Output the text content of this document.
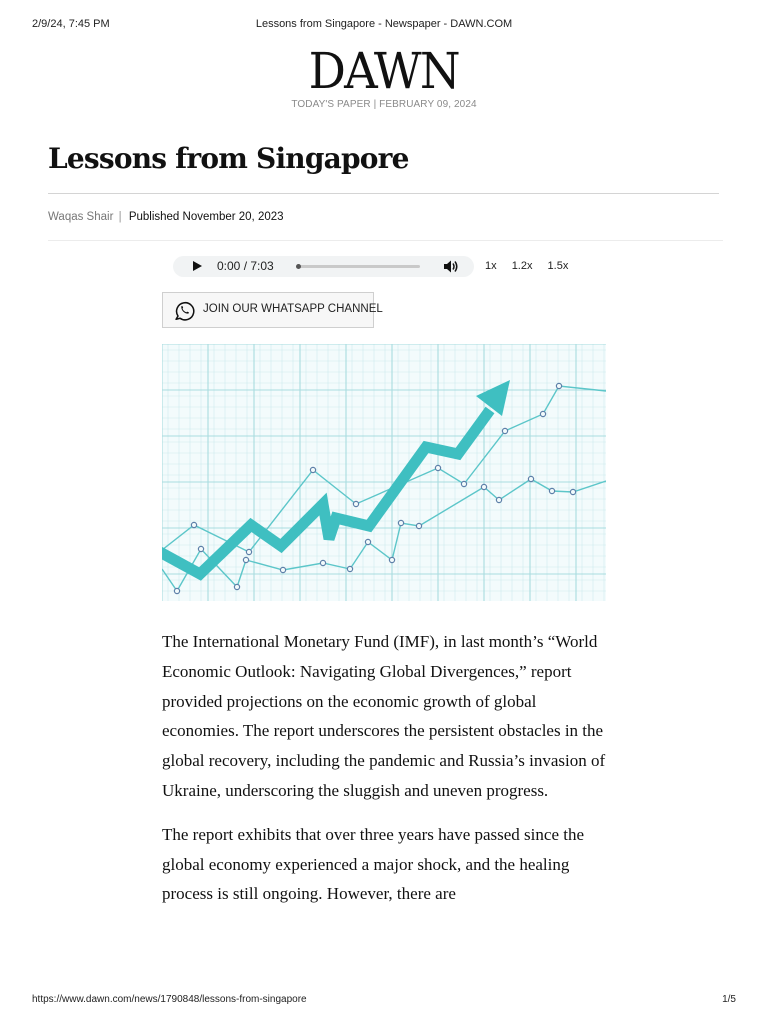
2/9/24, 7:45 PM	Lessons from Singapore - Newspaper - DAWN.COM
DAWN
TODAY'S PAPER | FEBRUARY 09, 2024
Lessons from Singapore
Waqas Shair | Published November 20, 2023
0:00 / 7:03	1x 1.2x 1.5x
JOIN OUR WHATSAPP CHANNEL

The International Monetary Fund (IMF), in last month’s “World Economic Outlook: Navigating Global Divergences,” report provided projections on the economic growth of global economies. The report underscores the persistent obstacles in the global recovery, including the pandemic and Russia’s invasion of Ukraine, underscoring the sluggish and uneven progress.

The report exhibits that over three years have passed since the global economy experienced a major shock, and the healing process is still ongoing. However, there are

https://www.dawn.com/news/1790848/lessons-from-singapore	1/5
